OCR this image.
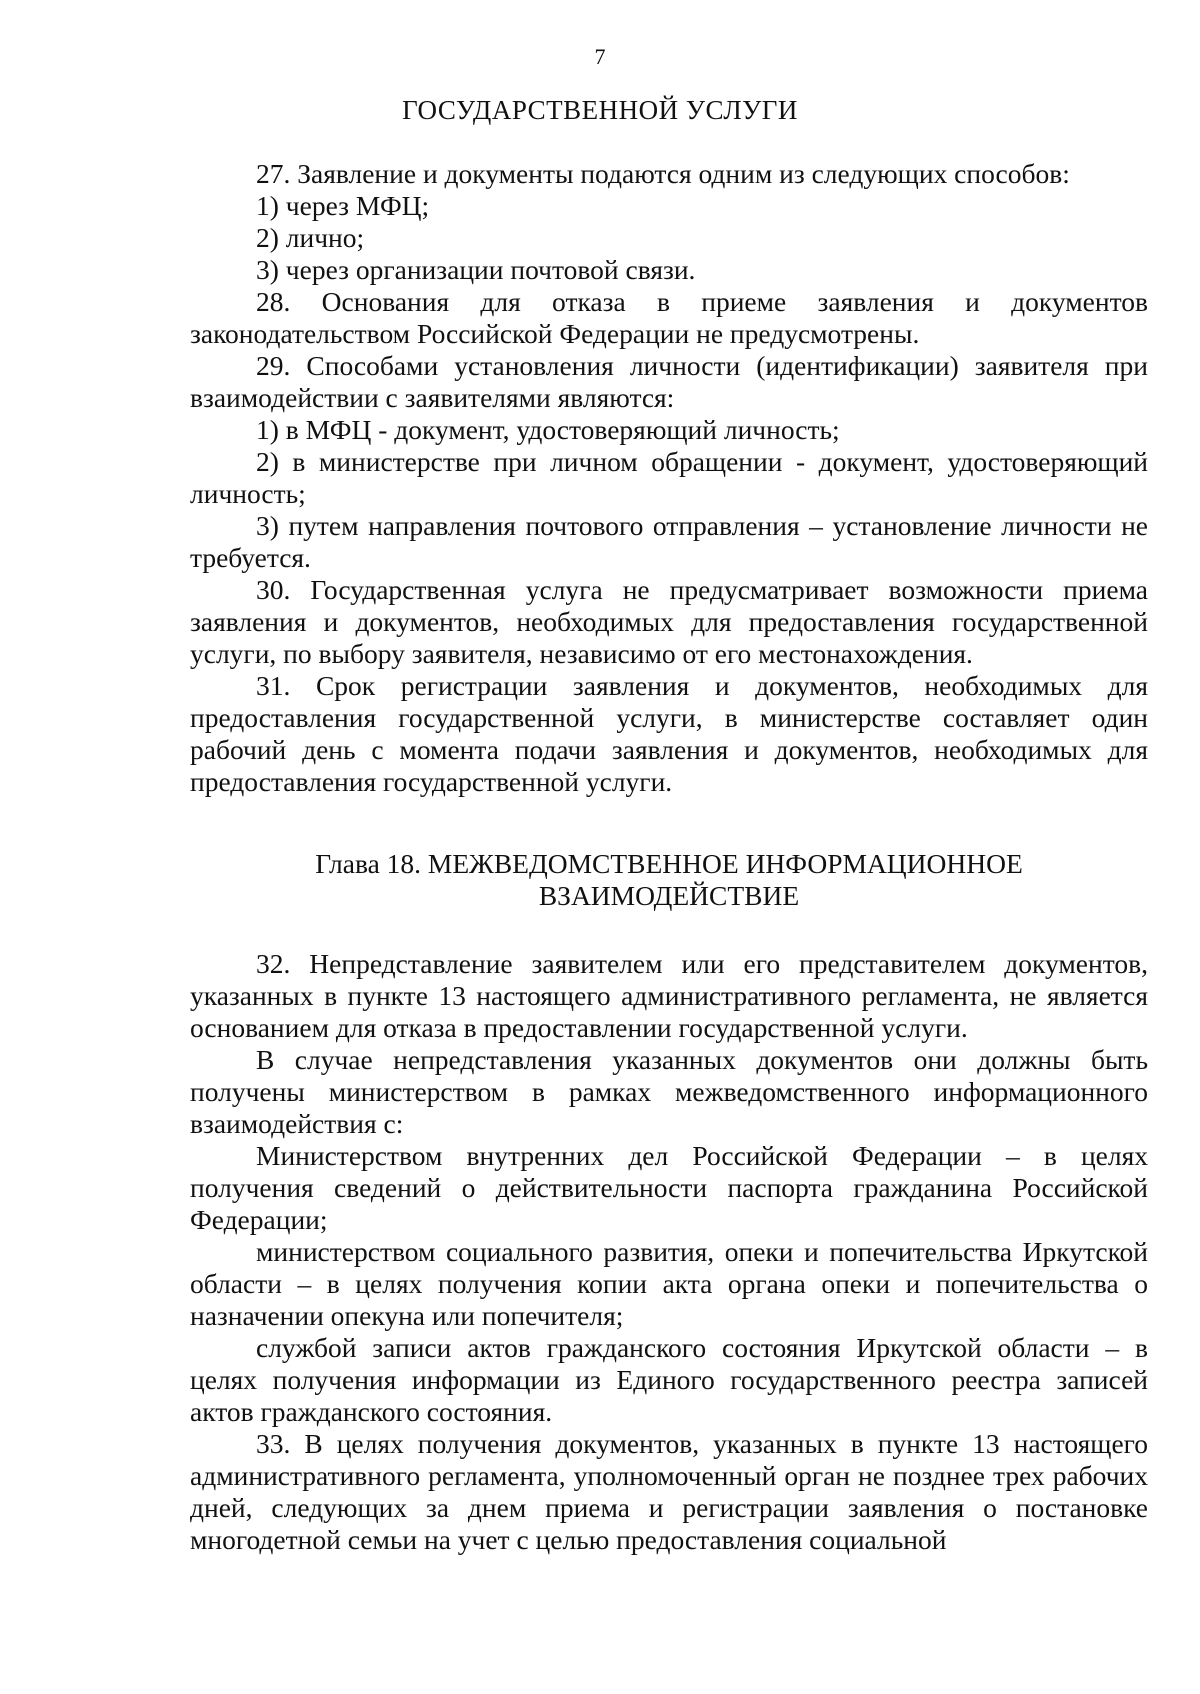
7
ГОСУДАРСТВЕННОЙ УСЛУГИ

27. Заявление и документы подаются одним из следующих способов:

1) через МФЦ;

2) лично;

3) через организации почтовой связи.

28. Основания для отказа в приеме заявления и документов законодательством Российской Федерации не предусмотрены.

29. Способами установления личности (идентификации) заявителя при взаимодействии с заявителями являются:

1) в МФЦ - документ, удостоверяющий личность;

2) в министерстве при личном обращении - документ, удостоверяющий личность;

3) путем направления почтового отправления – установление личности не требуется.

30. Государственная услуга не предусматривает возможности приема заявления и документов, необходимых для предоставления государственной услуги, по выбору заявителя, независимо от его местонахождения.

31. Срок регистрации заявления и документов, необходимых для предоставления государственной услуги, в министерстве составляет один рабочий день с момента подачи заявления и документов, необходимых для предоставления государственной услуги.

Глава 18. МЕЖВЕДОМСТВЕННОЕ ИНФОРМАЦИОННОЕ
ВЗАИМОДЕЙСТВИЕ

32. Непредставление заявителем или его представителем документов, указанных в пункте 13 настоящего административного регламента, не является основанием для отказа в предоставлении государственной услуги.

В случае непредставления указанных документов они должны быть получены министерством в рамках межведомственного информационного взаимодействия с:

Министерством внутренних дел Российской Федерации – в целях получения сведений о действительности паспорта гражданина Российской Федерации;

министерством социального развития, опеки и попечительства Иркутской области – в целях получения копии акта органа опеки и попечительства о назначении опекуна или попечителя;

службой записи актов гражданского состояния Иркутской области – в целях получения информации из Единого государственного реестра записей актов гражданского состояния.

33. В целях получения документов, указанных в пункте 13 настоящего административного регламента, уполномоченный орган не позднее трех рабочих дней, следующих за днем приема и регистрации заявления о постановке многодетной семьи на учет с целью предоставления социальной
